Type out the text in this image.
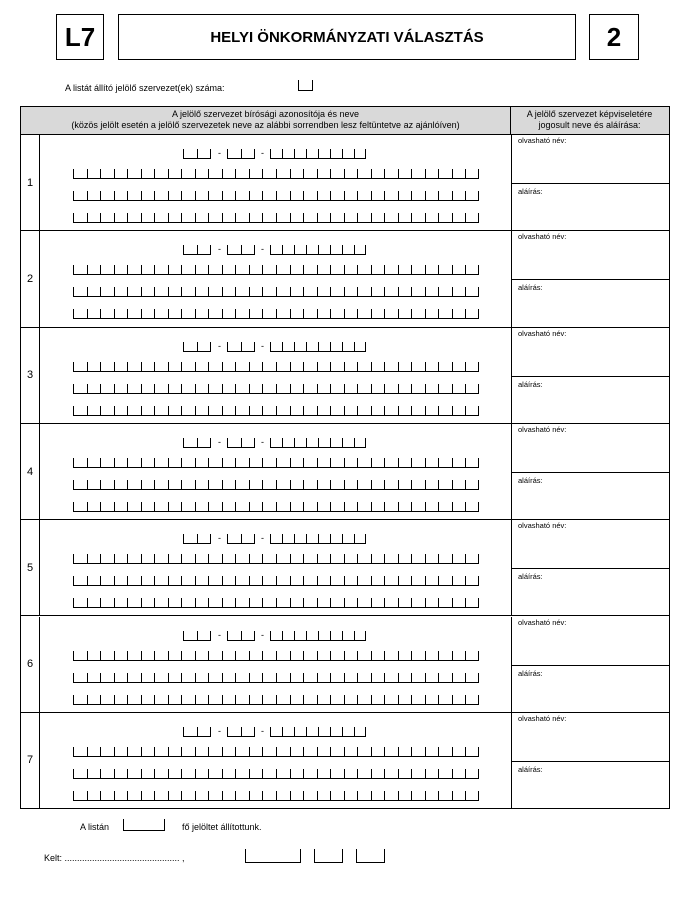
L7	HELYI ÖNKORMÁNYZATI VÁLASZTÁS	2
A listát állító jelölő szervezet(ek) száma:
A jelölő szervezet bírósági azonosítója és neve
(közös jelölt esetén a jelölő szervezetek neve az alábbi sorrendben lesz feltüntetve az ajánlóíven)
A jelölő szervezet képviseletére
jogosult neve és aláírása:
1
-	-
olvasható név:
aláírás:
2
-	-
olvasható név:
aláírás:
3
-	-
olvasható név:
aláírás:
4
-	-
olvasható név:
aláírás:
5
-	-
olvasható név:
aláírás:
6
-	-
olvasható név:
aláírás:
7
-	-
olvasható név:
aláírás:
A listán	fő jelöltet állítottunk.
Kelt: .............................................. ,
